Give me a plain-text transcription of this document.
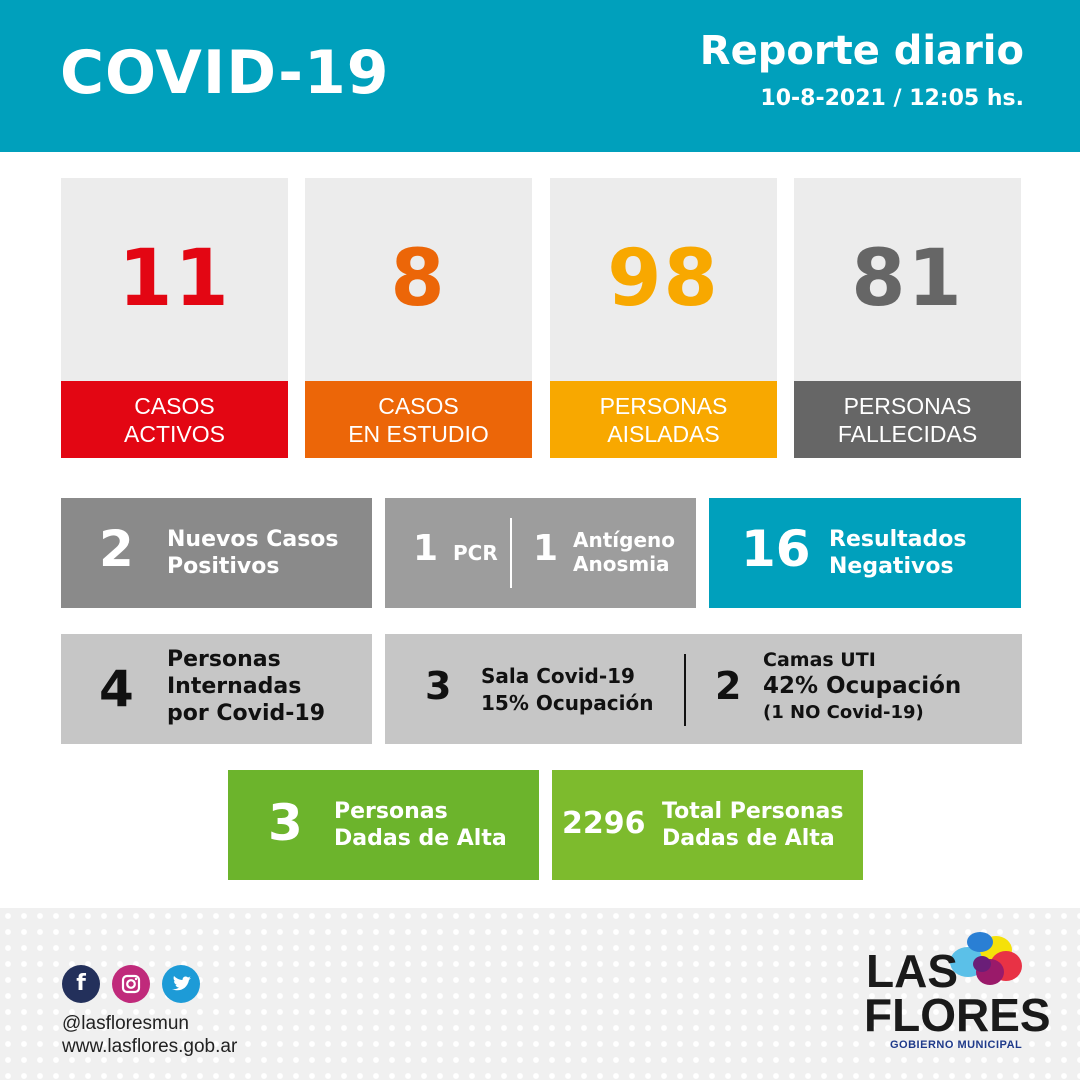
COVID-19	Reporte diario
10-8-2021 / 12:05 hs.
11
CASOS
ACTIVOS
8
CASOS
EN ESTUDIO
98
PERSONAS
AISLADAS
81
PERSONAS
FALLECIDAS
2 Nuevos Casos
Positivos	1 PCR 1 Antígeno
Anosmia 16 Resultados
Negativos
4
Personas
Internadas
por Covid-19
3 Sala Covid-19
15% Ocupación 2
Camas UTI
42% Ocupación
(1 NO Covid-19)
3 Personas
Dadas de Alta 2296 Total Personas
Dadas de Alta
f
@lasfloresmun
www.lasflores.gob.ar
LAS
FLORES
GOBIERNO MUNICIPAL
